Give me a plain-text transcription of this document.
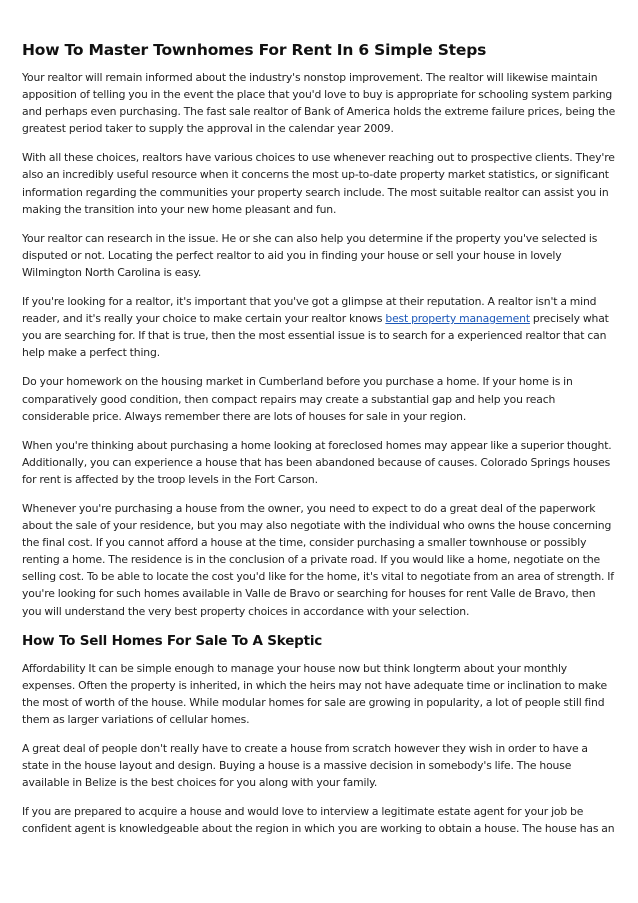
How To Master Townhomes For Rent In 6 Simple Steps

Your realtor will remain informed about the industry's nonstop improvement. The realtor will likewise maintain apposition of telling you in the event the place that you'd love to buy is appropriate for schooling system parking and perhaps even purchasing. The fast sale realtor of Bank of America holds the extreme failure prices, being the greatest period taker to supply the approval in the calendar year 2009.

With all these choices, realtors have various choices to use whenever reaching out to prospective clients. They're also an incredibly useful resource when it concerns the most up-to-date property market statistics, or significant information regarding the communities your property search include. The most suitable realtor can assist you in making the transition into your new home pleasant and fun.

Your realtor can research in the issue. He or she can also help you determine if the property you've selected is disputed or not. Locating the perfect realtor to aid you in finding your house or sell your house in lovely Wilmington North Carolina is easy.

If you're looking for a realtor, it's important that you've got a glimpse at their reputation. A realtor isn't a mind reader, and it's really your choice to make certain your realtor knows best property management precisely what you are searching for. If that is true, then the most essential issue is to search for a experienced realtor that can help make a perfect thing.

Do your homework on the housing market in Cumberland before you purchase a home. If your home is in comparatively good condition, then compact repairs may create a substantial gap and help you reach considerable price. Always remember there are lots of houses for sale in your region.

When you're thinking about purchasing a home looking at foreclosed homes may appear like a superior thought. Additionally, you can experience a house that has been abandoned because of causes. Colorado Springs houses for rent is affected by the troop levels in the Fort Carson.

Whenever you're purchasing a house from the owner, you need to expect to do a great deal of the paperwork about the sale of your residence, but you may also negotiate with the individual who owns the house concerning the final cost. If you cannot afford a house at the time, consider purchasing a smaller townhouse or possibly renting a home. The residence is in the conclusion of a private road. If you would like a home, negotiate on the selling cost. To be able to locate the cost you'd like for the home, it's vital to negotiate from an area of strength. If you're looking for such homes available in Valle de Bravo or searching for houses for rent Valle de Bravo, then you will understand the very best property choices in accordance with your selection.

How To Sell Homes For Sale To A Skeptic

Affordability It can be simple enough to manage your house now but think longterm about your monthly expenses. Often the property is inherited, in which the heirs may not have adequate time or inclination to make the most of worth of the house. While modular homes for sale are growing in popularity, a lot of people still find them as larger variations of cellular homes.

A great deal of people don't really have to create a house from scratch however they wish in order to have a state in the house layout and design. Buying a house is a massive decision in somebody's life. The house available in Belize is the best choices for you along with your family.

If you are prepared to acquire a house and would love to interview a legitimate estate agent for your job be confident agent is knowledgeable about the region in which you are working to obtain a house. The house has an
